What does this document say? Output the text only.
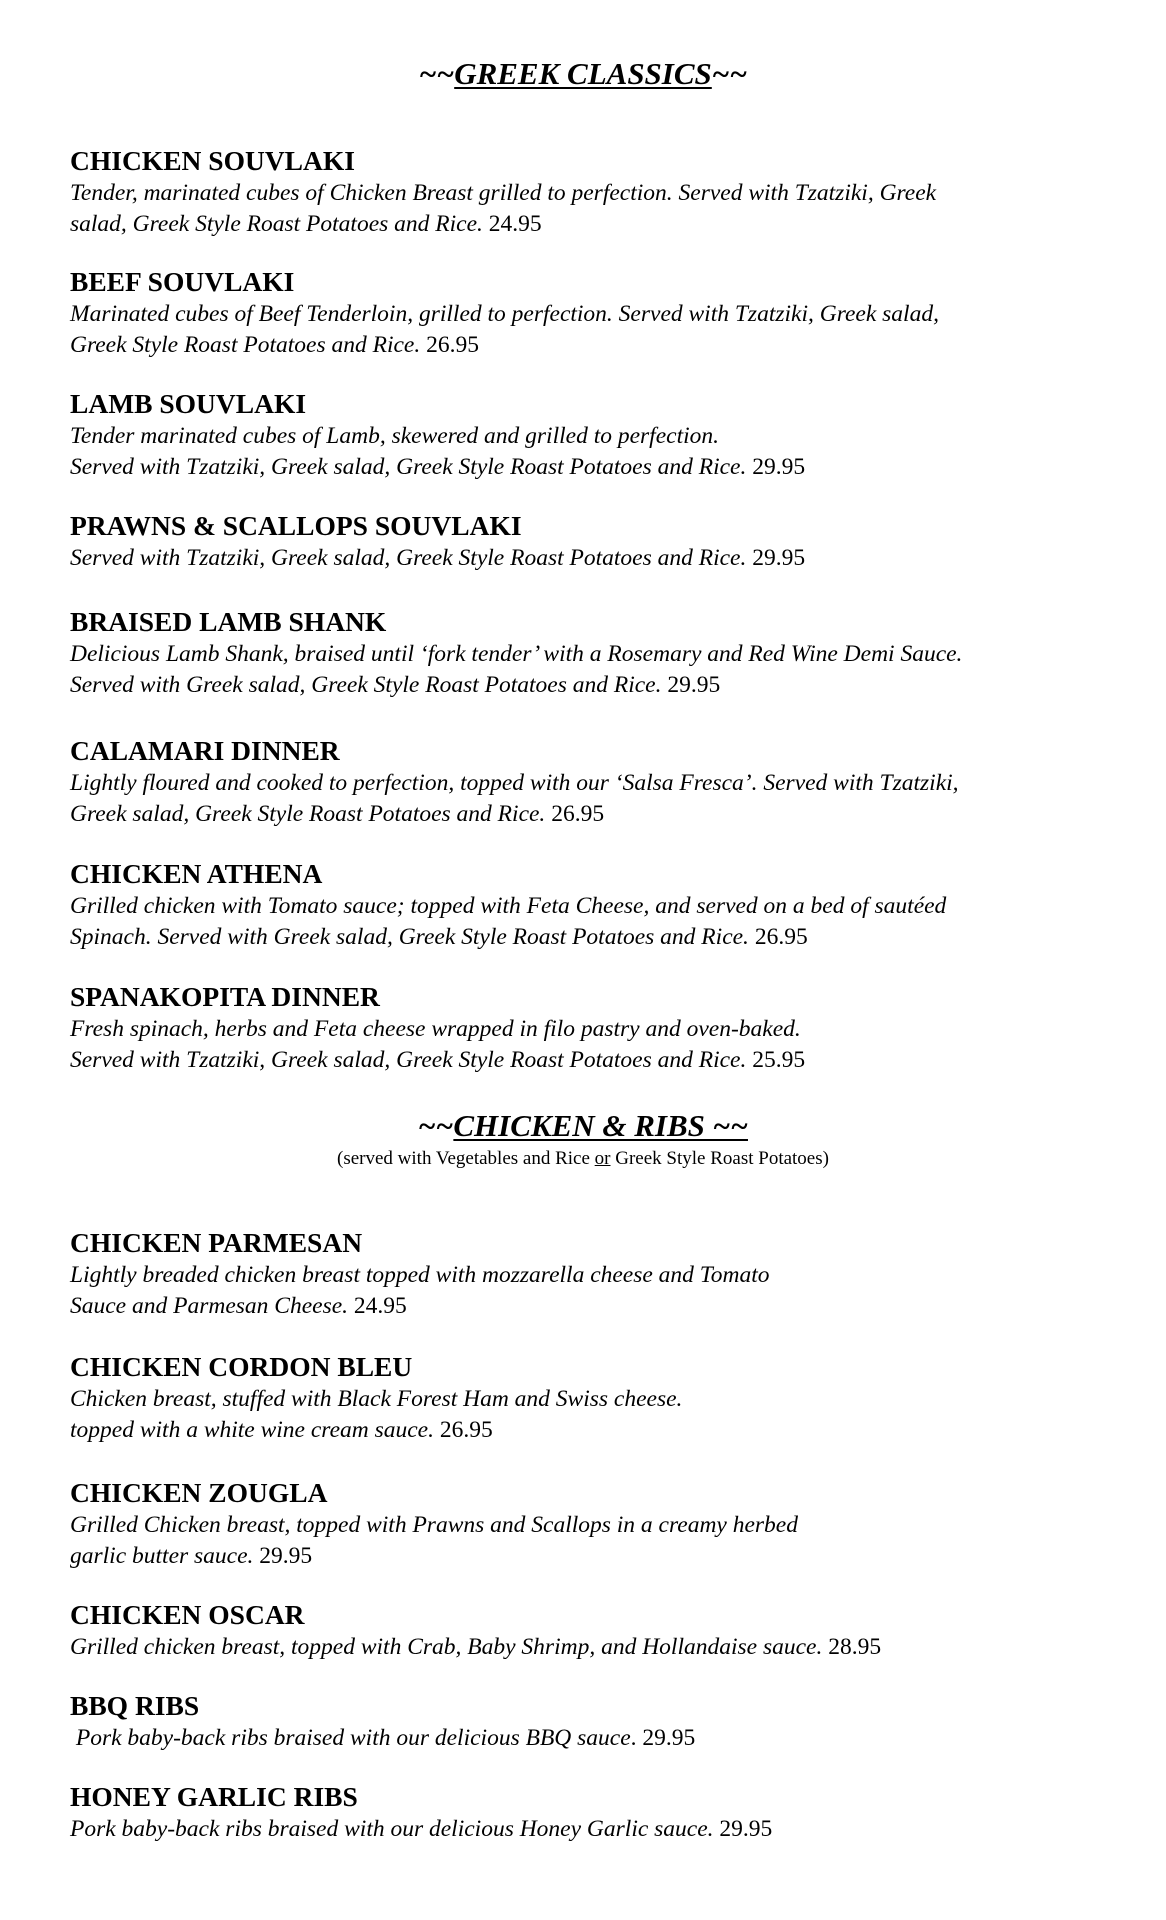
~~GREEK CLASSICS~~
CHICKEN SOUVLAKI
Tender, marinated cubes of Chicken Breast grilled to perfection. Served with Tzatziki, Greek
salad, Greek Style Roast Potatoes and Rice. 24.95
BEEF SOUVLAKI
Marinated cubes of Beef Tenderloin, grilled to perfection. Served with Tzatziki, Greek salad,
Greek Style Roast Potatoes and Rice. 26.95
LAMB SOUVLAKI
Tender marinated cubes of Lamb, skewered and grilled to perfection.
Served with Tzatziki, Greek salad, Greek Style Roast Potatoes and Rice. 29.95
PRAWNS & SCALLOPS SOUVLAKI
Served with Tzatziki, Greek salad, Greek Style Roast Potatoes and Rice. 29.95
BRAISED LAMB SHANK
Delicious Lamb Shank, braised until ‘fork tender’ with a Rosemary and Red Wine Demi Sauce.
Served with Greek salad, Greek Style Roast Potatoes and Rice. 29.95
CALAMARI DINNER
Lightly floured and cooked to perfection, topped with our ‘Salsa Fresca’. Served with Tzatziki,
Greek salad, Greek Style Roast Potatoes and Rice. 26.95
CHICKEN ATHENA
Grilled chicken with Tomato sauce; topped with Feta Cheese, and served on a bed of sautéed
Spinach. Served with Greek salad, Greek Style Roast Potatoes and Rice. 26.95
SPANAKOPITA DINNER
Fresh spinach, herbs and Feta cheese wrapped in filo pastry and oven-baked.
Served with Tzatziki, Greek salad, Greek Style Roast Potatoes and Rice. 25.95
~~CHICKEN & RIBS ~~
(served with Vegetables and Rice or Greek Style Roast Potatoes)
CHICKEN PARMESAN
Lightly breaded chicken breast topped with mozzarella cheese and Tomato
Sauce and Parmesan Cheese. 24.95
CHICKEN CORDON BLEU
Chicken breast, stuffed with Black Forest Ham and Swiss cheese.
topped with a white wine cream sauce. 26.95
CHICKEN ZOUGLA
Grilled Chicken breast, topped with Prawns and Scallops in a creamy herbed
garlic butter sauce. 29.95
CHICKEN OSCAR
Grilled chicken breast, topped with Crab, Baby Shrimp, and Hollandaise sauce. 28.95
BBQ RIBS
Pork baby-back ribs braised with our delicious BBQ sauce. 29.95
HONEY GARLIC RIBS
Pork baby-back ribs braised with our delicious Honey Garlic sauce. 29.95
